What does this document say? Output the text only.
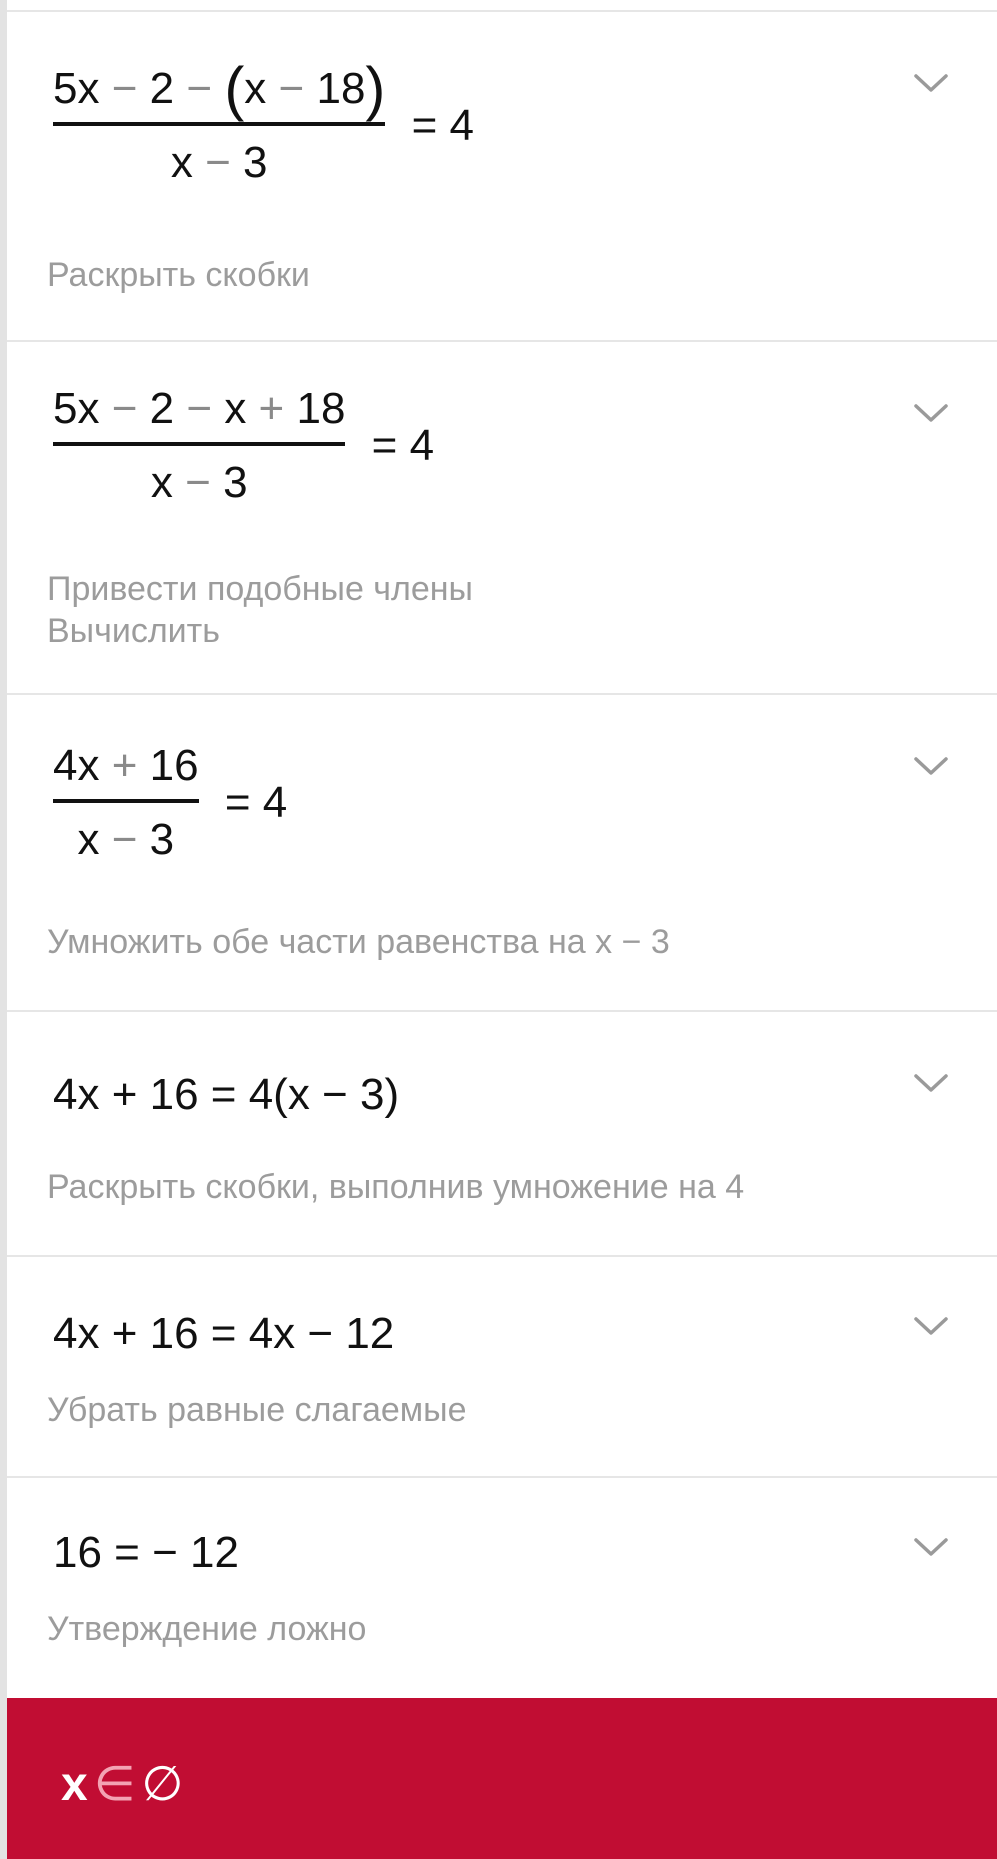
5x − 2 − (x − 18)
x − 3
= 4
Раскрыть скобки
5x − 2 − x + 18
x − 3
= 4
Привести подобные члены
Вычислить
$\frac{4x + 16}{x - 3} = 4$
Умножить обе части равенства на x − 3
4x + 16 = 4(x − 3)
Раскрыть скобки, выполнив умножение на 4
4x + 16 = 4x − 12
Убрать равные слагаемые
16 = − 12
Утверждение ложно
x ∈ ∅
